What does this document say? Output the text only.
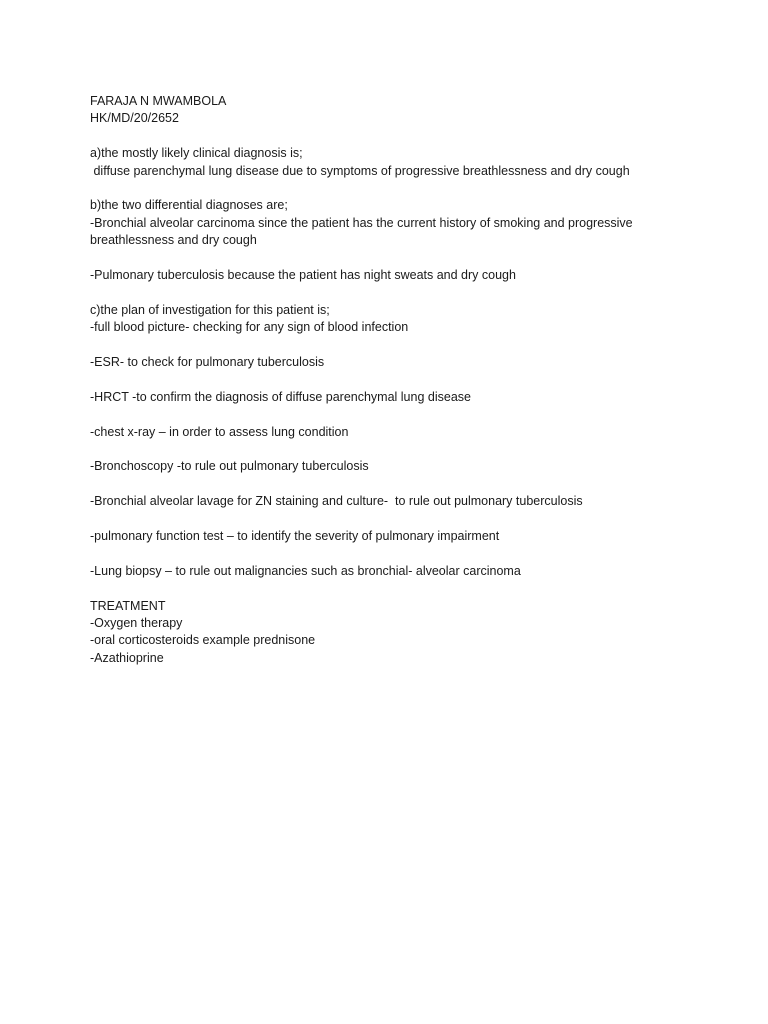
FARAJA N MWAMBOLA
HK/MD/20/2652
a)the mostly likely clinical diagnosis is;
diffuse parenchymal lung disease due to symptoms of progressive breathlessness and dry cough
b)the two differential diagnoses are;
-Bronchial alveolar carcinoma since the patient has the current history of smoking and progressive
breathlessness and dry cough
-Pulmonary tuberculosis because the patient has night sweats and dry cough
c)the plan of investigation for this patient is;
-full blood picture- checking for any sign of blood infection
-ESR- to check for pulmonary tuberculosis
-HRCT -to confirm the diagnosis of diffuse parenchymal lung disease
-chest x-ray – in order to assess lung condition
-Bronchoscopy -to rule out pulmonary tuberculosis
-Bronchial alveolar lavage for ZN staining and culture-  to rule out pulmonary tuberculosis
-pulmonary function test – to identify the severity of pulmonary impairment
-Lung biopsy – to rule out malignancies such as bronchial- alveolar carcinoma
TREATMENT
-Oxygen therapy
-oral corticosteroids example prednisone
-Azathioprine
